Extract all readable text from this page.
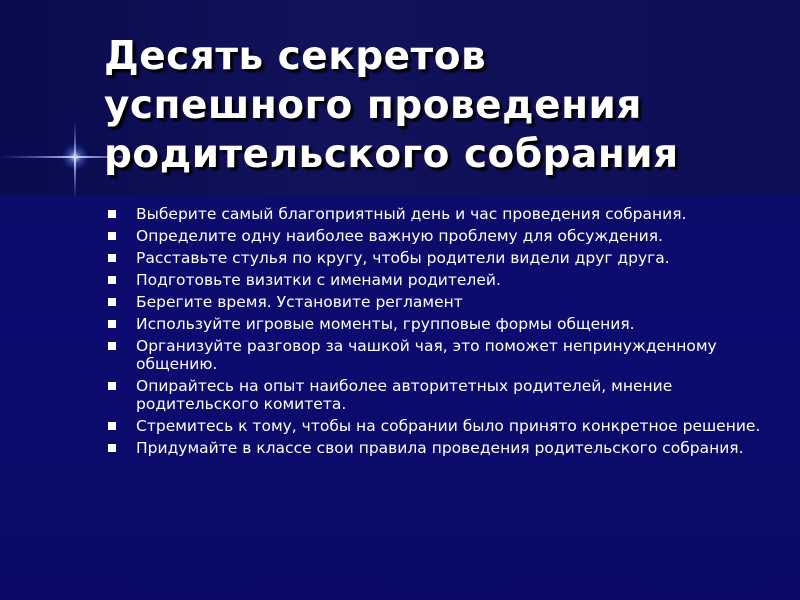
Десять секретов
успешного проведения
родительского собрания
Выберите самый благоприятный день и час проведения собрания.
Определите одну наиболее важную проблему для обсуждения.
Расставьте стулья по кругу, чтобы родители видели друг друга.
Подготовьте визитки с именами родителей.
Берегите время. Установите регламент
Используйте игровые моменты, групповые формы общения.
Организуйте разговор за чашкой чая, это поможет непринужденному общению.
Опирайтесь на опыт наиболее авторитетных родителей, мнение родительского комитета.
Стремитесь к тому, чтобы на собрании было принято конкретное решение.
Придумайте в классе свои правила проведения родительского собрания.
